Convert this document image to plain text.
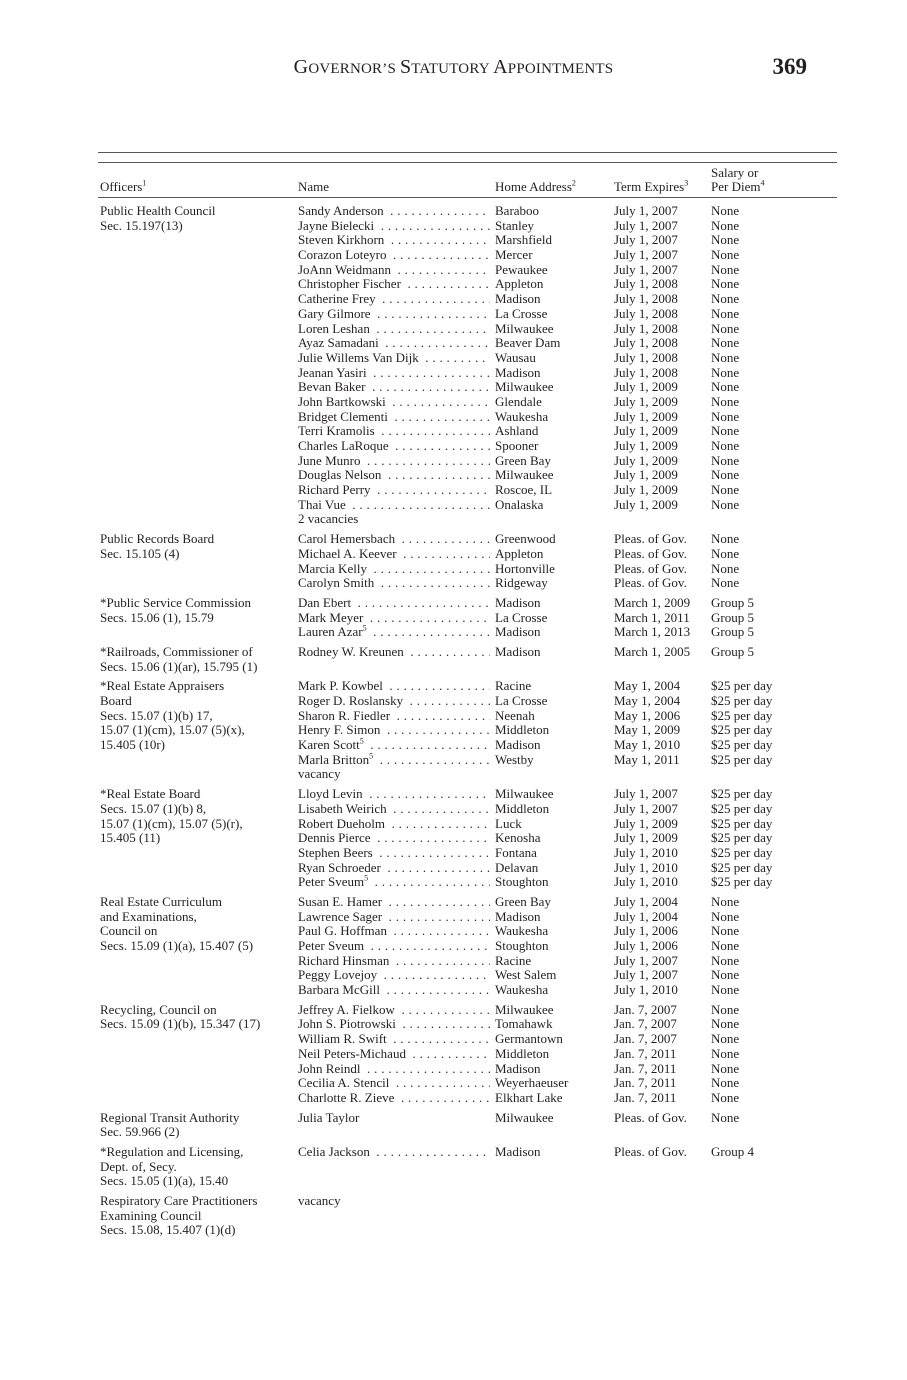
GOVERNOR’S STATUTORY APPOINTMENTS	369
Officers$^1$	Name	Home Address$^2$	Term Expires$^3$
Salary or
Per Diem$^4$
Public Health Council
Sec. 15.197(13)
Sandy Anderson . . .	Baraboo	July 1, 2007	None
Jayne Bielecki . . .	Stanley	July 1, 2007	None
Steven Kirkhorn . . .	Marshfield	July 1, 2007	None
Corazon Loteyro . . .	Mercer	July 1, 2007	None
JoAnn Weidmann . . .	Pewaukee	July 1, 2007	None
Christopher Fischer . . .	Appleton	July 1, 2008	None
Catherine Frey . . .	Madison	July 1, 2008	None
Gary Gilmore . . .	La Crosse	July 1, 2008	None
Loren Leshan . . .	Milwaukee	July 1, 2008	None
Ayaz Samadani . . .	Beaver Dam	July 1, 2008	None
Julie Willems Van Dijk . . .	Wausau	July 1, 2008	None
Jeanan Yasiri . . .	Madison	July 1, 2008	None
Bevan Baker . . .	Milwaukee	July 1, 2009	None
John Bartkowski . . .	Glendale	July 1, 2009	None
Bridget Clementi . . .	Waukesha	July 1, 2009	None
Terri Kramolis . . .	Ashland	July 1, 2009	None
Charles LaRoque . . .	Spooner	July 1, 2009	None
June Munro . . .	Green Bay	July 1, 2009	None
Douglas Nelson . . .	Milwaukee	July 1, 2009	None
Richard Perry . . .	Roscoe, IL	July 1, 2009	None
Thai Vue . . .	Onalaska	July 1, 2009	None
2 vacancies
Public Records Board
Sec. 15.105 (4)
Carol Hemersbach . . .	Greenwood	Pleas. of Gov. None
Michael A. Keever . . .	Appleton	Pleas. of Gov. None
Marcia Kelly . . .	Hortonville	Pleas. of Gov. None
Carolyn Smith . . .	Ridgeway	Pleas. of Gov. None
*Public Service Commission
Secs. 15.06 (1), 15.79
Dan Ebert . . .	Madison	March 1, 2009 Group 5
Mark Meyer . . .	La Crosse	March 1, 2011 Group 5
Lauren Azar$^5$ . . .	Madison	March 1, 2013 Group 5
*Railroads, Commissioner of
Secs. 15.06 (1)(ar), 15.795 (1)
Rodney W. Kreunen . . .	Madison	March 1, 2005 Group 5
*Real Estate Appraisers
Board
Secs. 15.07 (1)(b) 17,
15.07 (1)(cm), 15.07 (5)(x),
15.405 (10r)
Mark P. Kowbel . . .	Racine	May 1, 2004 $25 per day
Roger D. Roslansky . . .	La Crosse	May 1, 2004 $25 per day
Sharon R. Fiedler . . .	Neenah	May 1, 2006 $25 per day
Henry F. Simon . . .	Middleton	May 1, 2009 $25 per day
Karen Scott$^5$ . . .	Madison	May 1, 2010 $25 per day
Marla Britton$^5$ . . .	Westby	May 1, 2011 $25 per day
vacancy
*Real Estate Board
Secs. 15.07 (1)(b) 8,
15.07 (1)(cm), 15.07 (5)(r),
15.405 (11)
Lloyd Levin . . .	Milwaukee	July 1, 2007	$25 per day
Lisabeth Weirich . . .	Middleton	July 1, 2007	$25 per day
Robert Dueholm . . .	Luck	July 1, 2009	$25 per day
Dennis Pierce . . .	Kenosha	July 1, 2009	$25 per day
Stephen Beers . . .	Fontana	July 1, 2010	$25 per day
Ryan Schroeder . . .	Delavan	July 1, 2010	$25 per day
Peter Sveum$^5$ . . .	Stoughton	July 1, 2010	$25 per day
Real Estate Curriculum
and Examinations,
Council on
Secs. 15.09 (1)(a), 15.407 (5)
Susan E. Hamer . . .	Green Bay	July 1, 2004	None
Lawrence Sager . . .	Madison	July 1, 2004	None
Paul G. Hoffman . . .	Waukesha	July 1, 2006	None
Peter Sveum . . .	Stoughton	July 1, 2006	None
Richard Hinsman . . .	Racine	July 1, 2007	None
Peggy Lovejoy . . .	West Salem	July 1, 2007	None
Barbara McGill . . .	Waukesha	July 1, 2010	None
Recycling, Council on
Secs. 15.09 (1)(b), 15.347 (17)
Jeffrey A. Fielkow . . .	Milwaukee	Jan. 7, 2007	None
John S. Piotrowski . . .	Tomahawk	Jan. 7, 2007	None
William R. Swift . . .	Germantown	Jan. 7, 2007	None
Neil Peters-Michaud . . .	Middleton	Jan. 7, 2011	None
John Reindl . . .	Madison	Jan. 7, 2011	None
Cecilia A. Stencil . . .	Weyerhaeuser	Jan. 7, 2011	None
Charlotte R. Zieve . . .	Elkhart Lake	Jan. 7, 2011	None
Regional Transit Authority
Sec. 59.966 (2)
Julia Taylor	Milwaukee	Pleas. of Gov. None
*Regulation and Licensing,
Dept. of, Secy.
Secs. 15.05 (1)(a), 15.40
Celia Jackson . . .	Madison	Pleas. of Gov. Group 4
Respiratory Care Practitioners
Examining Council
Secs. 15.08, 15.407 (1)(d)
vacancy
